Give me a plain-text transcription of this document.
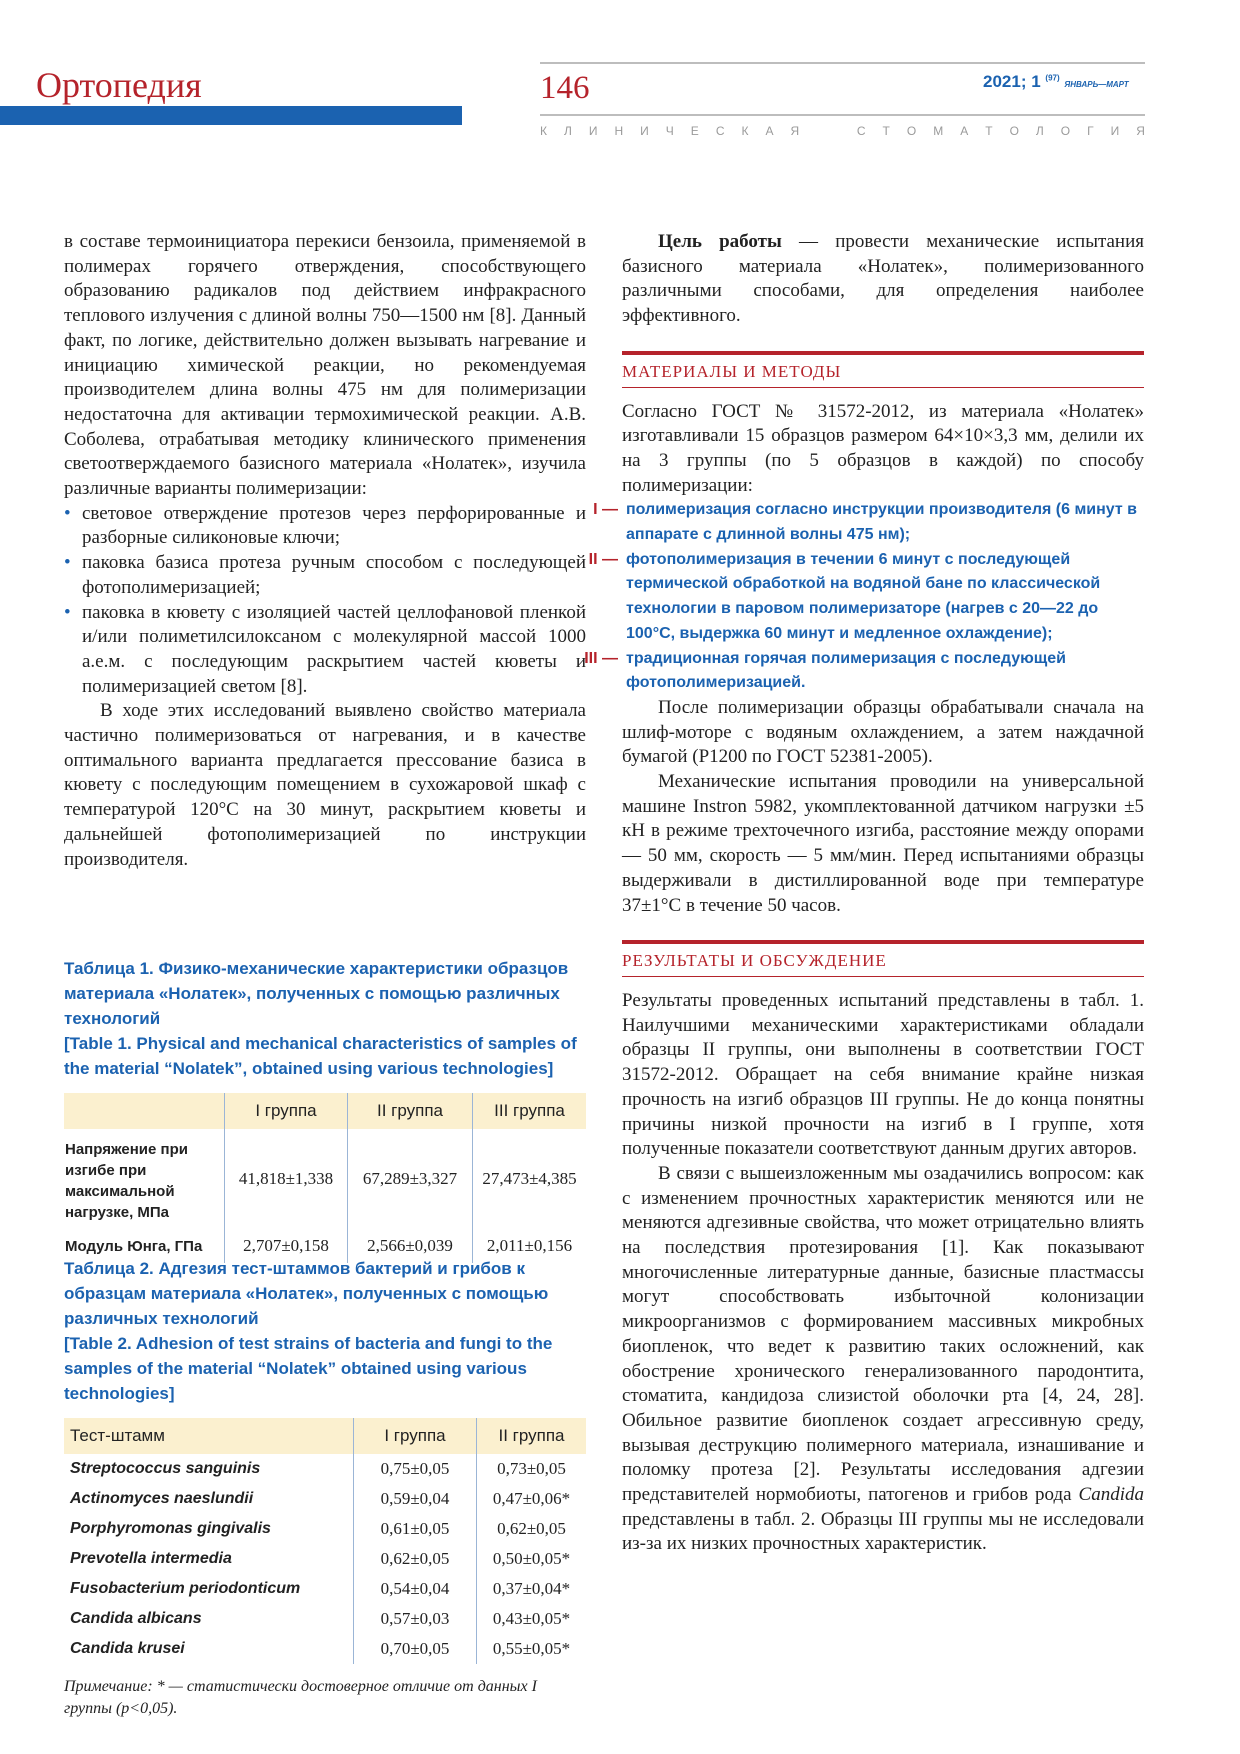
Ортопедия	146	2021; 1 $^{(97)}$ ЯНВАРЬ—МАРТ
К Л И Н И Ч Е С К А Я

	С Т О М А Т О Л О Г И Я

в составе термоинициатора перекиси бензоила, применяемой в полимерах горячего отверждения, способствующего образованию радикалов под действием инфракрасного теплового излучения с длиной волны 750—1500 нм [8]. Данный факт, по логике, действительно должен вызывать нагревание и инициацию химической реакции, но рекомендуемая производителем длина волны 475 нм для полимеризации недостаточна для активации термохимической реакции. А.В. Соболева, отрабатывая методику клинического применения светоотверждаемого базисного материала «Нолатек», изучила различные варианты полимеризации:

• световое отверждение протезов через перфорированные и разборные силиконовые ключи;
• паковка базиса протеза ручным способом с последующей фотополимеризацией;
• паковка в кювету с изоляцией частей целлофановой пленкой и/или полиметилсилоксаном с молекулярной массой 1000 а.е.м. с последующим раскрытием частей кюветы и полимеризацией светом [8].

В ходе этих исследований выявлено свойство материала частично полимеризоваться от нагревания, и в качестве оптимального варианта предлагается прессование базиса в кювету с последующим помещением в сухожаровой шкаф с температурой 120°С на 30 минут, раскрытием кюветы и дальнейшей фотополимеризацией по инструкции производителя.

Таблица 1. Физико-механические характеристики образцов материала «Нолатек», полученных с помощью различных технологий
[Table 1. Physical and mechanical characteristics of samples of the material “Nolatek”, obtained using various technologies]
	I группа	II группа	III группа
Напряжение при изгибе при максимальной нагрузке, МПа	41,818±1,338	67,289±3,327	27,473±4,385
Модуль Юнга, ГПа	2,707±0,158	2,566±0,039	2,011±0,156
Таблица 2. Адгезия тест-штаммов бактерий и грибов к образцам материала «Нолатек», полученных с помощью различных технологий
[Table 2. Adhesion of test strains of bacteria and fungi to the samples of the material “Nolatek” obtained using various technologies]
Тест-штамм	I группа	II группа
Streptococcus sanguinis	0,75±0,05	0,73±0,05
Actinomyces naeslundii	0,59±0,04	0,47±0,06*
Porphyromonas gingivalis	0,61±0,05	0,62±0,05
Prevotella intermedia	0,62±0,05	0,50±0,05*
Fusobacterium periodonticum	0,54±0,04	0,37±0,04*
Candida albicans	0,57±0,03	0,43±0,05*
Candida krusei	0,70±0,05	0,55±0,05*

Примечание: * — статистически достоверное отличие от данных I группы (p<0,05).

Цель работы — провести механические испытания базисного материала «Нолатек», полимеризованного различными способами, для определения наиболее эффективного.

МАТЕРИАЛЫ И МЕТОДЫ

Согласно ГОСТ № 31572-2012, из материала «Нолатек» изготавливали 15 образцов размером 64×10×3,3 мм, делили их на 3 группы (по 5 образцов в каждой) по способу полимеризации:

I — полимеризация согласно инструкции производителя (6 минут в аппарате с длинной волны 475 нм);
II — фотополимеризация в течении 6 минут с последующей термической обработкой на водяной бане по классической технологии в паровом полимеризаторе (нагрев с 20—22 до 100°С, выдержка 60 минут и медленное охлаждение);
III — традиционная горячая полимеризация с последующей фотополимеризацией.

После полимеризации образцы обрабатывали сначала на шлиф-моторе с водяным охлаждением, а затем наждачной бумагой (Р1200 по ГОСТ 52381-2005).

Механические испытания проводили на универсальной машине Instron 5982, укомплектованной датчиком нагрузки ±5 кН в режиме трехточечного изгиба, расстояние между опорами — 50 мм, скорость — 5 мм/мин. Перед испытаниями образцы выдерживали в дистиллированной воде при температуре 37±1°С в течение 50 часов.

РЕЗУЛЬТАТЫ И ОБСУЖДЕНИЕ

Результаты проведенных испытаний представлены в табл. 1. Наилучшими механическими характеристиками обладали образцы II группы, они выполнены в соответствии ГОСТ 31572-2012. Обращает на себя внимание крайне низкая прочность на изгиб образцов III группы. Не до конца понятны причины низкой прочности на изгиб в I группе, хотя полученные показатели соответствуют данным других авторов.

В связи с вышеизложенным мы озадачились вопросом: как с изменением прочностных характеристик меняются или не меняются адгезивные свойства, что может отрицательно влиять на последствия протезирования [1]. Как показывают многочисленные литературные данные, базисные пластмассы могут способствовать избыточной колонизации микроорганизмов с формированием массивных микробных биопленок, что ведет к развитию таких осложнений, как обострение хронического генерализованного пародонтита, стоматита, кандидоза слизистой оболочки рта [4, 24, 28]. Обильное развитие биопленок создает агрессивную среду, вызывая деструкцию полимерного материала, изнашивание и поломку протеза [2]. Результаты исследования адгезии представителей нормобиоты, патогенов и грибов рода Candida представлены в табл. 2. Образцы III группы мы не исследовали из-за их низких прочностных характеристик.
